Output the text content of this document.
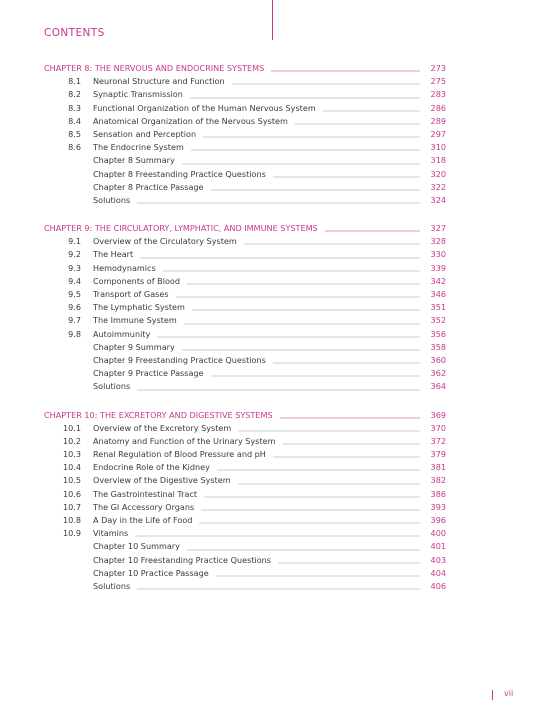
CONTENTS
CHAPTER 8: THE NERVOUS AND ENDOCRINE SYSTEMS	273
8.1 Neuronal Structure and Function	275
8.2 Synaptic Transmission	283
8.3 Functional Organization of the Human Nervous System	286
8.4 Anatomical Organization of the Nervous System	289
8.5 Sensation and Perception	297
8.6 The Endocrine System	310
Chapter 8 Summary	318
Chapter 8 Freestanding Practice Questions	320
Chapter 8 Practice Passage	322
Solutions	324
CHAPTER 9: THE CIRCULATORY, LYMPHATIC, AND IMMUNE SYSTEMS	327
9.1 Overview of the Circulatory System	328
9.2 The Heart	330
9.3 Hemodynamics	339
9.4 Components of Blood	342
9.5 Transport of Gases	346
9.6 The Lymphatic System	351
9.7 The Immune System	352
9.8 Autoimmunity	356
Chapter 9 Summary	358
Chapter 9 Freestanding Practice Questions	360
Chapter 9 Practice Passage	362
Solutions	364
CHAPTER 10: THE EXCRETORY AND DIGESTIVE SYSTEMS	369
10.1 Overview of the Excretory System	370
10.2 Anatomy and Function of the Urinary System	372
10.3 Renal Regulation of Blood Pressure and pH	379
10.4 Endocrine Role of the Kidney	381
10.5 Overview of the Digestive System	382
10.6 The Gastrointestinal Tract	386
10.7 The GI Accessory Organs	393
10.8 A Day in the Life of Food	396
10.9 Vitamins	400
Chapter 10 Summary	401
Chapter 10 Freestanding Practice Questions	403
Chapter 10 Practice Passage	404
Solutions	406
vii
